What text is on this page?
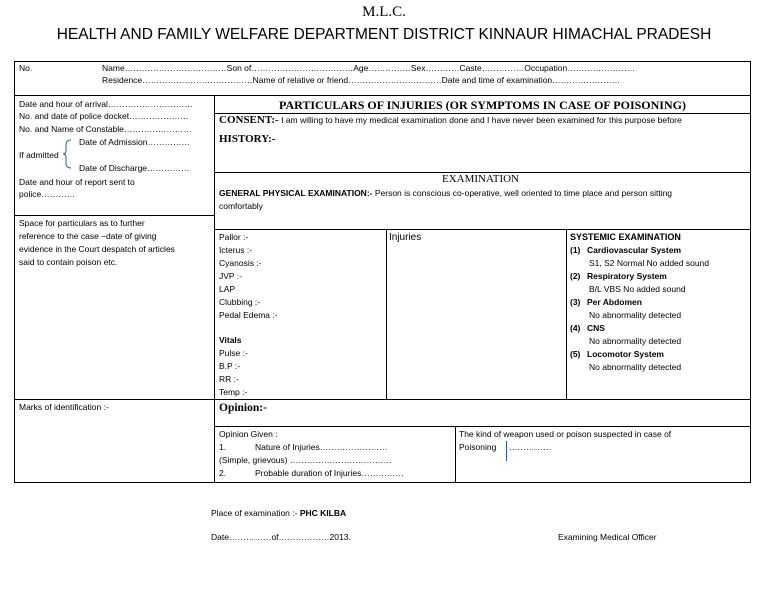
M.L.C.
HEALTH AND FAMILY WELFARE DEPARTMENT DISTRICT KINNAUR HIMACHAL PRADESH
No.	Name………………………………Son of………………………………Age……………Sex…………Caste……………Occupation……………………
Residence…………………………………Name of relative or friend……………………………Date and time of examination……………………
Date and hour of arrival…………………………
No. and date of police docket…………………
No. and Name of Constable……………………
Date of Admission……………
If admitted
Date of Discharge……………
Date and hour of report sent to
police…………
Space for particulars as to further
reference to the case –date of giving
evidence in the Court despatch of articles
said to contain poison etc.
Marks of identification :-
PARTICULARS OF INJURIES (OR SYMPTOMS IN CASE OF POISONING)
CONSENT:- I am willing to have my medical examination done and I have never been examined for this purpose before
HISTORY:-
EXAMINATION
GENERAL PHYSICAL EXAMINATION:- Person is conscious co-operative, well oriented to time place and person sitting
comfortably
Pallor :-
Icterus :-
Cyanosis :-
JVP :-
LAP
Clubbing :-
Pedal Edema :-
Vitals
Pulse :-
B.P :-
RR :-
Temp :-
Injuries	SYSTEMIC EXAMINATION
(1) Cardiovascular System
S1, S2 Normal No added sound
(2) Respiratory System
B/L VBS No added sound
(3) Per Abdomen
No abnormality detected
(4) CNS
No abnormality detected
(5) Locomotor System
No abnormality detected
Opinion:-
Opinion Given :
1.	Nature of Injuries……………………
(Simple, grievous) ………………………………
2.	Probable duration of Injuries……………
The kind of weapon used or poison suspected in case of
Poisoning ……………
Place of examination :- PHC KILBA
Date……………of………………2013.	Examining Medical Officer
